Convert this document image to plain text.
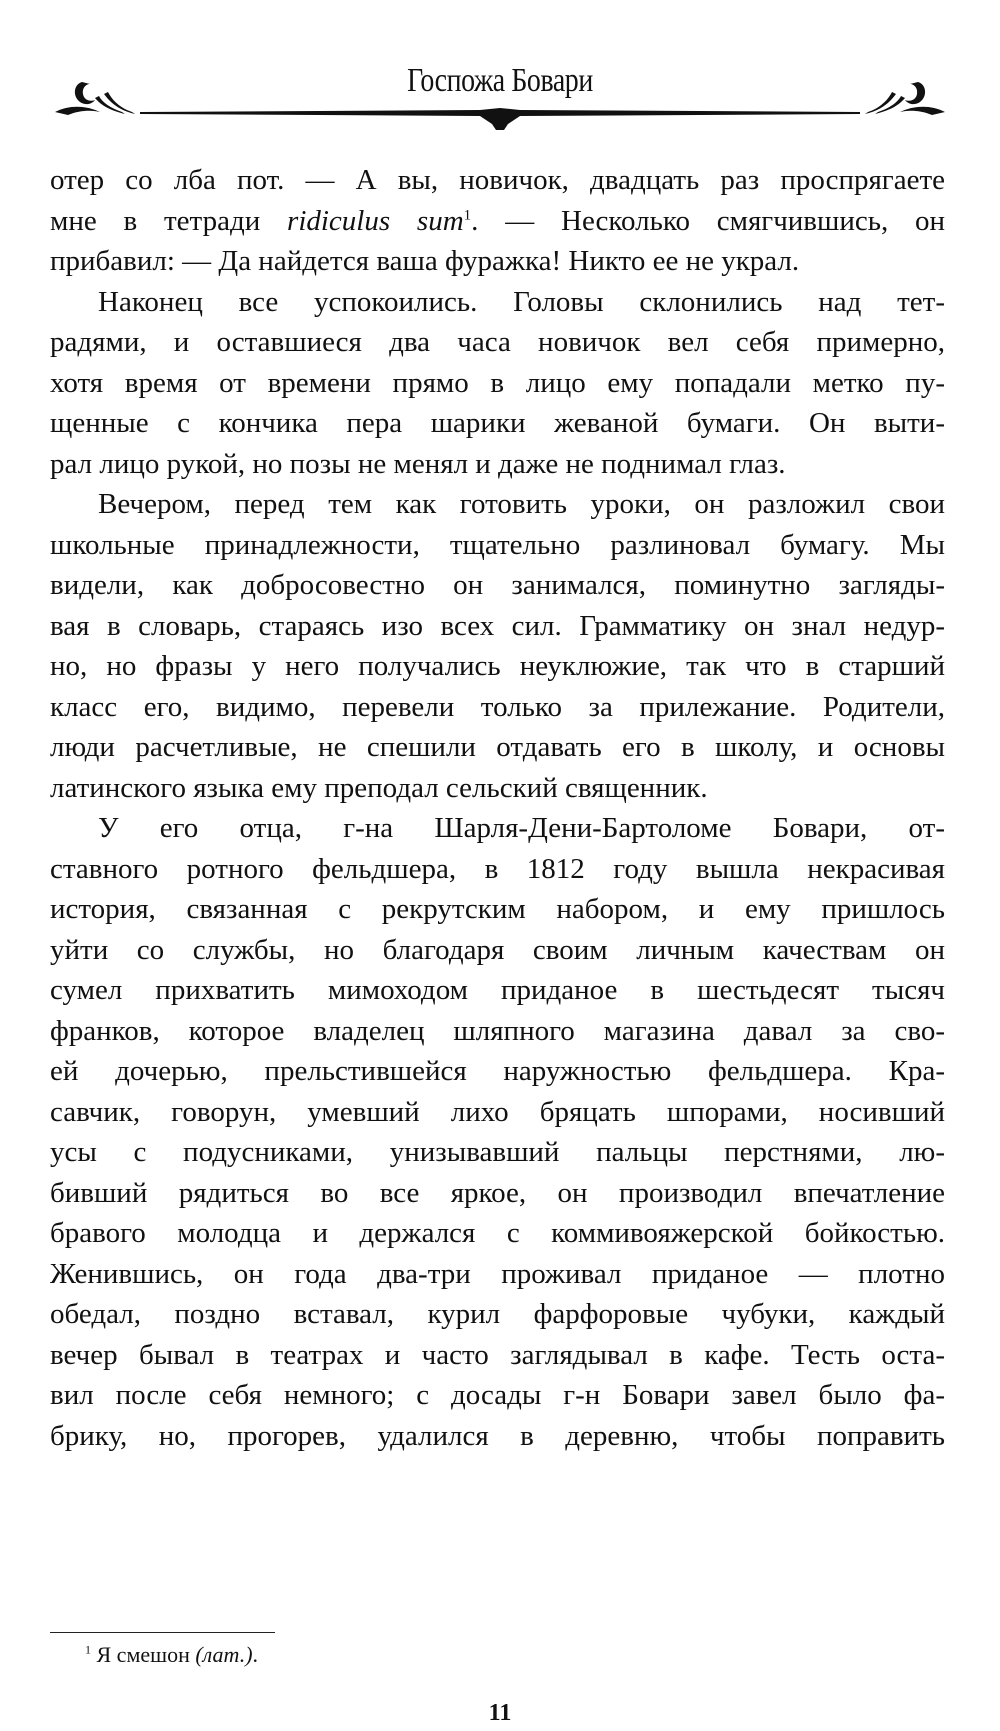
Госпожа Бовари
отер со лба пот. — А вы, новичок, двадцать раз проспрягаете
мне в тетради ridiculus sum$^1$. — Несколько смягчившись, он
прибавил: — Да найдется ваша фуражка! Никто ее не украл.
Наконец все успокоились. Головы склонились над тет-
радями, и оставшиеся два часа новичок вел себя примерно,
хотя время от времени прямо в лицо ему попадали метко пу-
щенные с кончика пера шарики жеваной бумаги. Он выти-
рал лицо рукой, но позы не менял и даже не поднимал глаз.
Вечером, перед тем как готовить уроки, он разложил свои
школьные принадлежности, тщательно разлиновал бумагу. Мы
видели, как добросовестно он занимался, поминутно загляды-
вая в словарь, стараясь изо всех сил. Грамматику он знал недур-
но, но фразы у него получались неуклюжие, так что в старший
класс его, видимо, перевели только за прилежание. Родители,
люди расчетливые, не спешили отдавать его в школу, и основы
латинского языка ему преподал сельский священник.
У его отца, г-на Шарля-Дени-Бартоломе Бовари, от-
ставного ротного фельдшера, в 1812 году вышла некрасивая
история, связанная с рекрутским набором, и ему пришлось
уйти со службы, но благодаря своим личным качествам он
сумел прихватить мимоходом приданое в шестьдесят тысяч
франков, которое владелец шляпного магазина давал за сво-
ей дочерью, прельстившейся наружностью фельдшера. Кра-
савчик, говорун, умевший лихо бряцать шпорами, носивший
усы с подусниками, унизывавший пальцы перстнями, лю-
бивший рядиться во все яркое, он производил впечатление
бравого молодца и держался с коммивояжерской бойкостью.
Женившись, он года два-три проживал приданое — плотно
обедал, поздно вставал, курил фарфоровые чубуки, каждый
вечер бывал в театрах и часто заглядывал в кафе. Тесть оста-
вил после себя немного; с досады г-н Бовари завел было фа-
брику, но, прогорев, удалился в деревню, чтобы поправить
$^1$ Я смешон (лат.).
11
